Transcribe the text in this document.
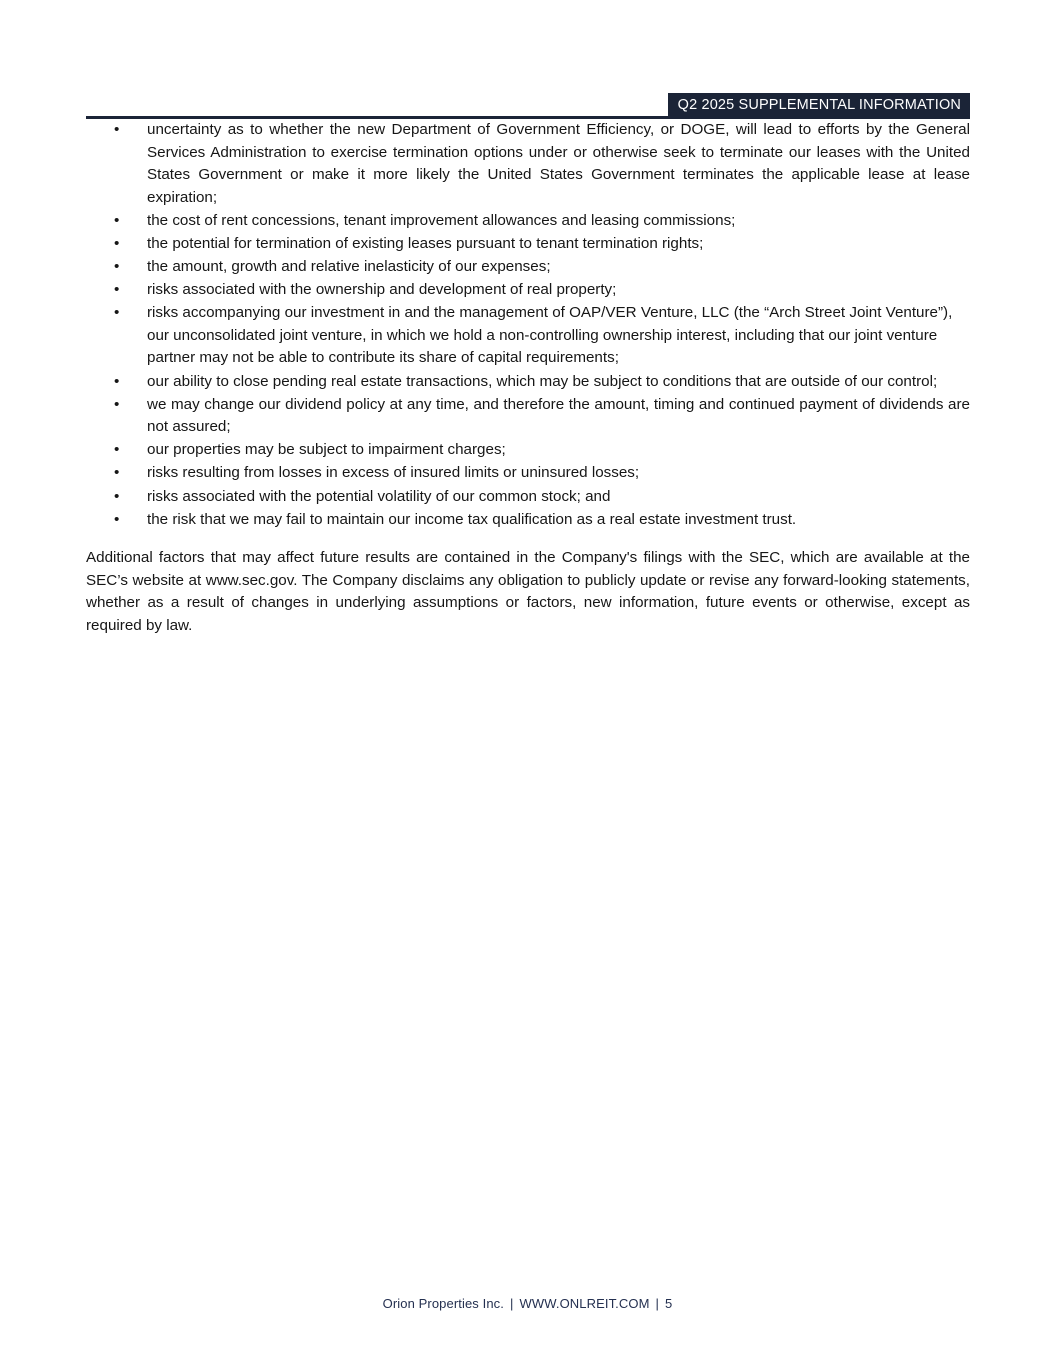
Q2 2025 SUPPLEMENTAL INFORMATION
•	uncertainty as to whether the new Department of Government Efficiency, or DOGE, will lead to efforts by the General Services Administration to exercise termination options under or otherwise seek to terminate our leases with the United States Government or make it more likely the United States Government terminates the applicable lease at lease expiration;
•	the cost of rent concessions, tenant improvement allowances and leasing commissions;
•	the potential for termination of existing leases pursuant to tenant termination rights;
•	the amount, growth and relative inelasticity of our expenses;
•	risks associated with the ownership and development of real property;
•	risks accompanying our investment in and the management of OAP/VER Venture, LLC (the “Arch Street Joint Venture”), our unconsolidated joint venture, in which we hold a non-controlling ownership interest, including that our joint venture partner may not be able to contribute its share of capital requirements;
•	our ability to close pending real estate transactions, which may be subject to conditions that are outside of our control;
•	we may change our dividend policy at any time, and therefore the amount, timing and continued payment of dividends are not assured;
•	our properties may be subject to impairment charges;
•	risks resulting from losses in excess of insured limits or uninsured losses;
•	risks associated with the potential volatility of our common stock; and
•	the risk that we may fail to maintain our income tax qualification as a real estate investment trust.

Additional factors that may affect future results are contained in the Company's filings with the SEC, which are available at the SEC’s website at www.sec.gov. The Company disclaims any obligation to publicly update or revise any forward-looking statements, whether as a result of changes in underlying assumptions or factors, new information, future events or otherwise, except as required by law.

Orion Properties Inc. | WWW.ONLREIT.COM | 5
